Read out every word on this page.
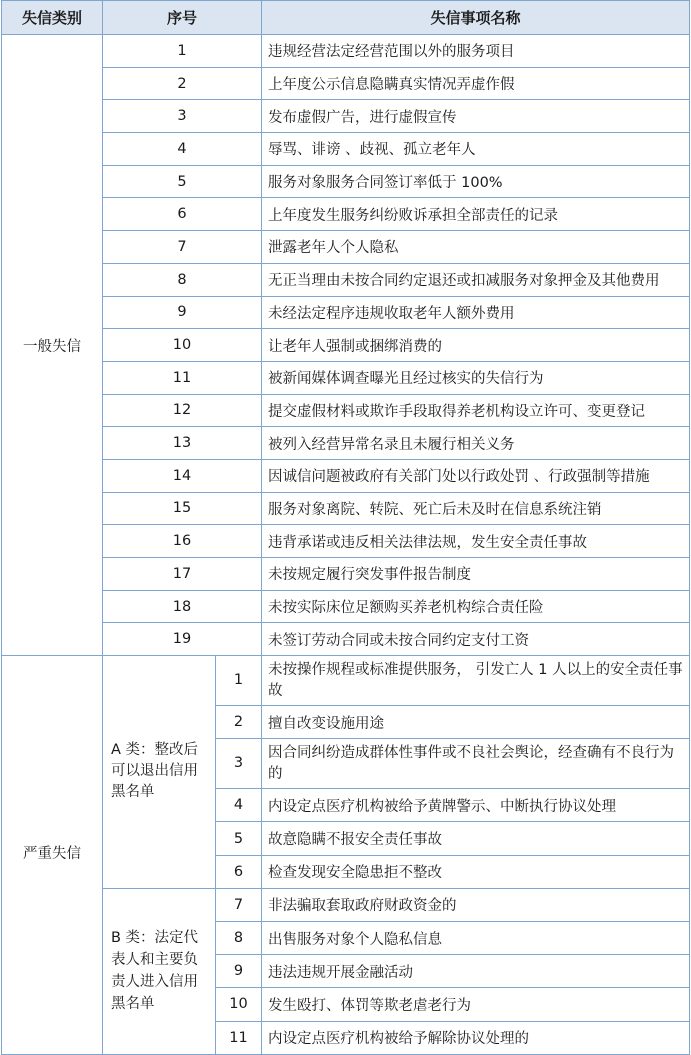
失信类别	序号		失信事项名称
一般失信	1		违规经营法定经营范围以外的服务项目
	2		上年度公示信息隐瞒真实情况弄虚作假
	3		发布虚假广告，进行虚假宣传
	4		辱骂、诽谤 、歧视、孤立老年人
	5		服务对象服务合同签订率低于 100%
	6		上年度发生服务纠纷败诉承担全部责任的记录
	7		泄露老年人个人隐私
	8		无正当理由未按合同约定退还或扣减服务对象押金及其他费用
	9		未经法定程序违规收取老年人额外费用
	10		让老年人强制或捆绑消费的
	11		被新闻媒体调查曝光且经过核实的失信行为
	12		提交虚假材料或欺诈手段取得养老机构设立许可、变更登记
	13		被列入经营异常名录且未履行相关义务
	14		因诚信问题被政府有关部门处以行政处罚 、行政强制等措施
	15		服务对象离院、转院、死亡后未及时在信息系统注销
	16		违背承诺或违反相关法律法规，发生安全责任事故
	17		未按规定履行突发事件报告制度
	18		未按实际床位足额购买养老机构综合责任险
	19		未签订劳动合同或未按合同约定支付工资
严重失信	A 类：整改后可以退出信用黑名单	1	未按操作规程或标准提供服务， 引发亡人 1 人以上的安全责任事故
		2	擅自改变设施用途
		3	因合同纠纷造成群体性事件或不良社会舆论，经查确有不良行为的
		4	内设定点医疗机构被给予黄牌警示、中断执行协议处理
		5	故意隐瞒不报安全责任事故
		6	检查发现安全隐患拒不整改
	B 类：法定代表人和主要负责人进入信用黑名单	7	非法骗取套取政府财政资金的
		8	出售服务对象个人隐私信息
		9	违法违规开展金融活动
		10	发生殴打、体罚等欺老虐老行为
		11	内设定点医疗机构被给予解除协议处理的
